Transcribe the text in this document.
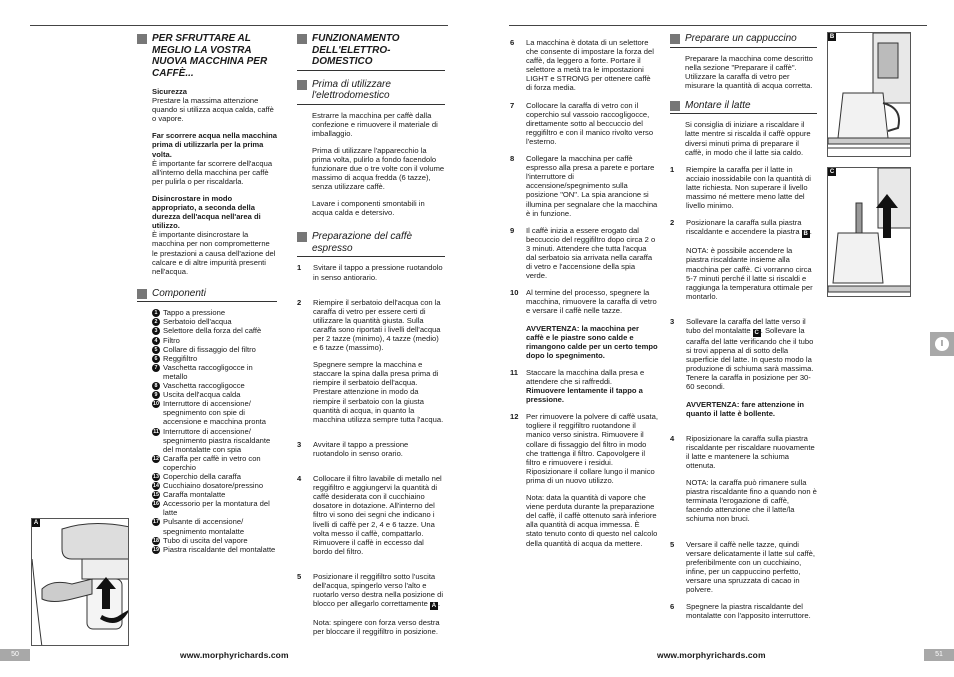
PER SFRUTTARE AL MEGLIO LA VOSTRA NUOVA MACCHINA PER CAFFÈ...
Sicurezza

Prestare la massima attenzione quando si utilizza acqua calda, caffè o vapore.

Far scorrere acqua nella macchina prima di utilizzarla per la prima volta.

È importante far scorrere dell'acqua all'interno della macchina per caffè per pulirla o per riscaldarla.

Disincrostare in modo appropriato, a seconda della durezza dell'acqua nell'area di utilizzo.

È importante disincrostare la macchina per non comprometterne le prestazioni a causa dell'azione del calcare e di altre impurità presenti nell'acqua.

Componenti
1 Tappo a pressione
2 Serbatoio dell'acqua
3 Selettore della forza del caffè
4 Filtro
5 Collare di fissaggio del filtro
6 Reggifiltro
7 Vaschetta raccogligocce in metallo
8 Vaschetta raccogligocce
9 Uscita dell'acqua calda
10 Interruttore di accensione/ spegnimento con spie di accensione e macchina pronta
11 Interruttore di accensione/ spegnimento piastra riscaldante del montalatte con spia
12 Caraffa per caffè in vetro con coperchio
13 Coperchio della caraffa
14 Cucchiaino dosatore/pressino
15 Caraffa montalatte
16 Accessorio per la montatura del latte
17 Pulsante di accensione/ spegnimento montalatte
18 Tubo di uscita del vapore
19 Piastra riscaldante del montalatte
A
FUNZIONAMENTO DELL'ELETTRO-DOMESTICO
Prima di utilizzare l'elettrodomestico

Estrarre la macchina per caffè dalla confezione e rimuovere il materiale di imballaggio.

Prima di utilizzare l'apparecchio la prima volta, pulirlo a fondo facendolo funzionare due o tre volte con il volume massimo di acqua fredda (6 tazze), senza utilizzare caffè.

Lavare i componenti smontabili in acqua calda e detersivo.

Preparazione del caffè espresso
1	Svitare il tappo a pressione ruotandolo in senso antiorario.

2	Riempire il serbatoio dell'acqua con la caraffa di vetro per essere certi di utilizzare la quantità giusta. Sulla caraffa sono riportati i livelli dell'acqua per 2 tazze (minimo), 4 tazze (medio) e 6 tazze (massimo).

Spegnere sempre la macchina e staccare la spina dalla presa prima di riempire il serbatoio dell'acqua. Prestare attenzione in modo da riempire il serbatoio con la giusta quantità di acqua, in quanto la macchina utilizza sempre tutta l'acqua.

3	Avvitare il tappo a pressione ruotandolo in senso orario.

4	Collocare il filtro lavabile di metallo nel reggifiltro e aggiungervi la quantità di caffè desiderata con il cucchiaino dosatore in dotazione. All'interno del filtro vi sono dei segni che indicano i livelli di caffè per 2, 4 e 6 tazze. Una volta messo il caffè, compattarlo. Rimuovere il caffè in eccesso dal bordo del filtro.

5	Posizionare il reggifiltro sotto l'uscita dell'acqua, spingerlo verso l'alto e ruotarlo verso destra nella posizione di blocco per allegarlo correttamente A .

Nota: spingere con forza verso destra per bloccare il reggifiltro in posizione.

50	www.morphyrichards.com
6	La macchina è dotata di un selettore che consente di impostare la forza del caffè, da leggero a forte. Portare il selettore a metà tra le impostazioni LIGHT e STRONG per ottenere caffè di forza media.
7	Collocare la caraffa di vetro con il coperchio sul vassoio raccogligocce, direttamente sotto al beccuccio del reggifiltro e con il manico rivolto verso l'esterno.
8	Collegare la macchina per caffè espresso alla presa a parete e portare l'interruttore di accensione/spegnimento sulla posizione "ON". La spia arancione si illumina per segnalare che la macchina è in funzione.
9	Il caffè inizia a essere erogato dal beccuccio del reggifiltro dopo circa 2 o 3 minuti. Attendere che tutta l'acqua dal serbatoio sia arrivata nella caraffa di vetro e l'accensione della spia verde.
10 Al termine del processo, spegnere la macchina, rimuovere la caraffa di vetro e versare il caffè nelle tazze.

AVVERTENZA: la macchina per caffè e le piastre sono calde e rimangono calde per un certo tempo dopo lo spegnimento.

11	Staccare la macchina dalla presa e attendere che si raffreddi.
Rimuovere lentamente il tappo a pressione.
12 Per rimuovere la polvere di caffè usata, togliere il reggifiltro ruotandone il manico verso sinistra. Rimuovere il collare di fissaggio del filtro in modo che trattenga il filtro. Capovolgere il filtro e rimuovere i residui. Riposizionare il collare lungo il manico prima di un nuovo utilizzo.

Nota: data la quantità di vapore che viene perduta durante la preparazione del caffè, il caffè ottenuto sarà inferiore alla quantità di acqua immessa. È stato tenuto conto di questo nel calcolo della quantità di acqua da mettere.

Preparare un cappuccino

Preparare la macchina come descritto nella sezione "Preparare il caffè". Utilizzare la caraffa di vetro per misurare la quantità di acqua corretta.

Montare il latte

Si consiglia di iniziare a riscaldare il latte mentre si riscalda il caffè oppure diversi minuti prima di preparare il caffè, in modo che il latte sia caldo.

1	Riempire la caraffa per il latte in acciaio inossidabile con la quantità di latte richiesta. Non superare il livello massimo né mettere meno latte del livello minimo.
2	Posizionare la caraffa sulla piastra riscaldante e accendere la piastra B .

NOTA: è possibile accendere la piastra riscaldante insieme alla macchina per caffè. Ci vorranno circa 5-7 minuti perché il latte si riscaldi e raggiunga la temperatura ottimale per montarlo.

3	Sollevare la caraffa del latte verso il tubo del montalatte C . Sollevare la caraffa del latte verificando che il tubo si trovi appena al di sotto della superficie del latte. In questo modo la produzione di schiuma sarà massima. Tenere la caraffa in posizione per 30-60 secondi.

AVVERTENZA: fare attenzione in quanto il latte è bollente.

4	Riposizionare la caraffa sulla piastra riscaldante per riscaldare nuovamente il latte e mantenere la schiuma ottenuta.

NOTA: la caraffa può rimanere sulla piastra riscaldante fino a quando non è terminata l'erogazione di caffè, facendo attenzione che il latte/la schiuma non bruci.

5	Versare il caffè nelle tazze, quindi versare delicatamente il latte sul caffè, preferibilmente con un cucchiaino, infine, per un cappuccino perfetto, versare una spruzzata di cacao in polvere.
6	Spegnere la piastra riscaldante del montalatte con l'apposito interruttore.
B
C
I
www.morphyrichards.com	51
